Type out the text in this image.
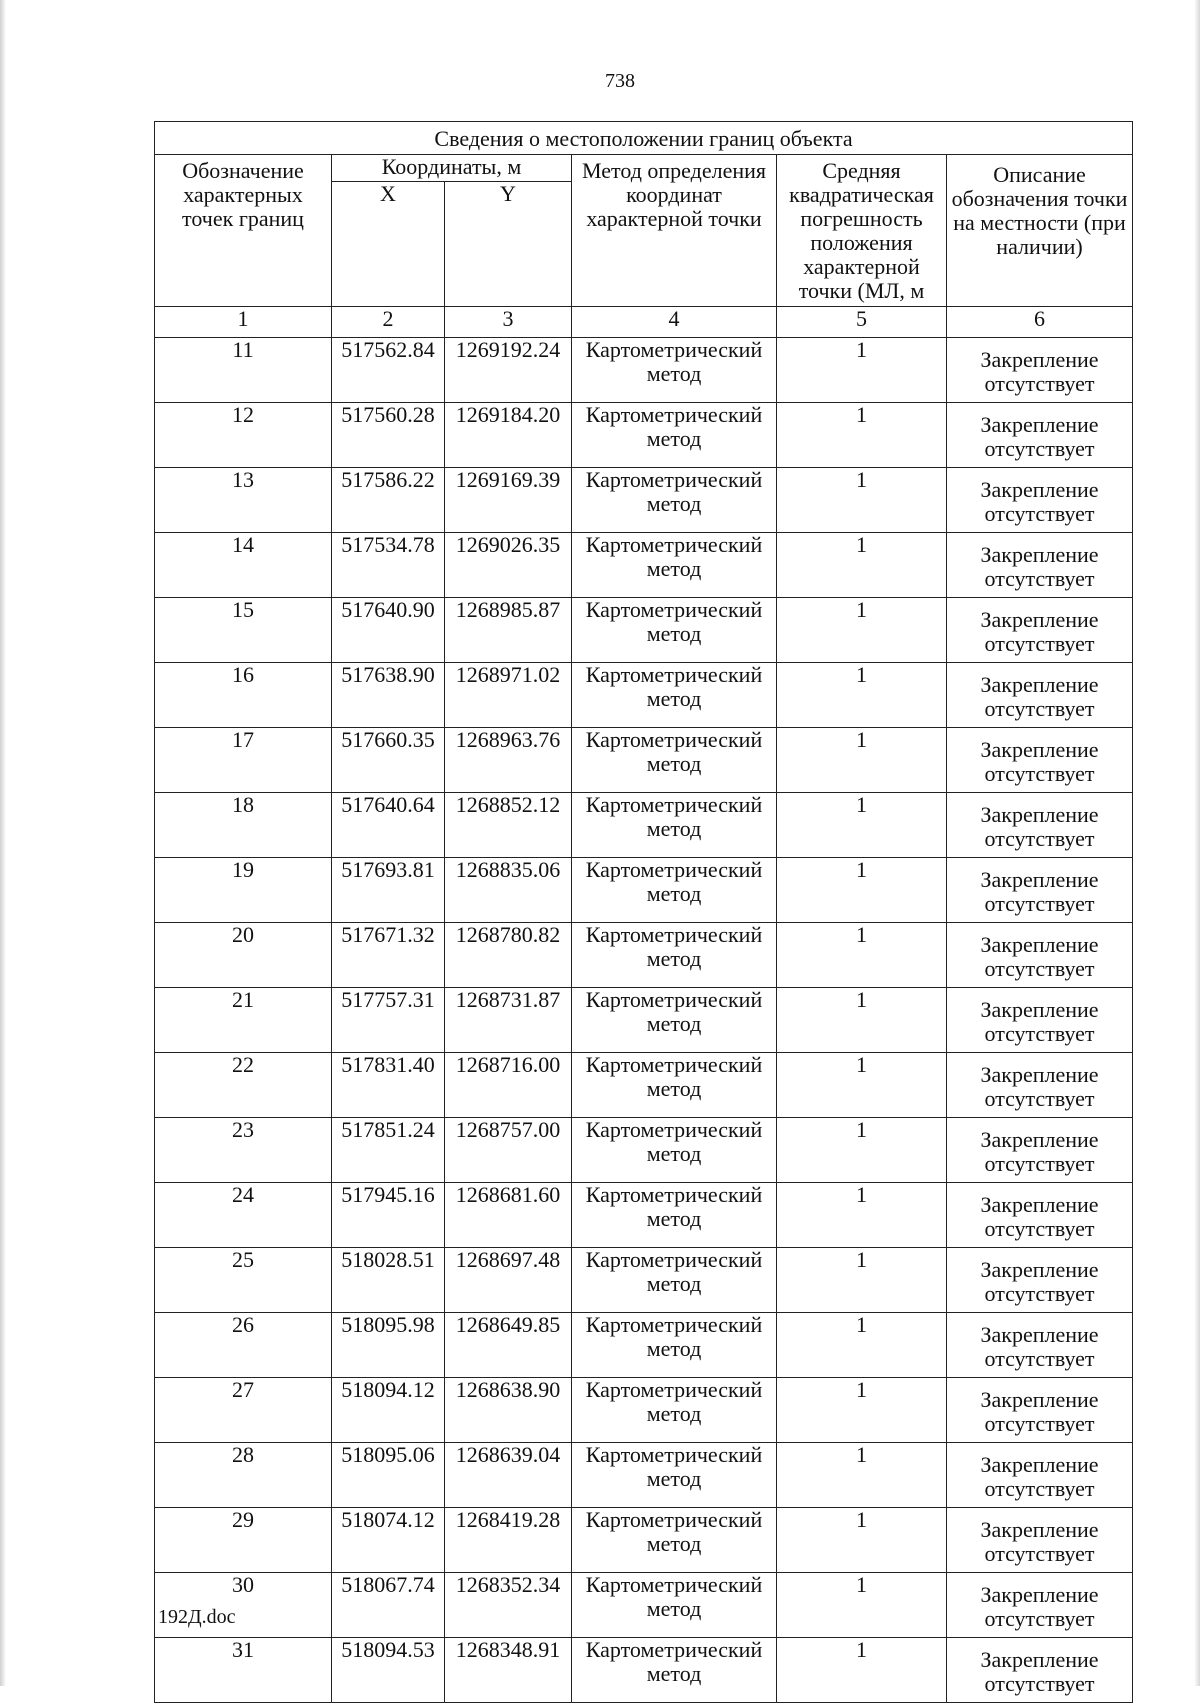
738
Сведения о местоположении границ объекта					
Обозначение характерных точек границ	Координаты, м		Метод определения координат характерной точки	Средняя квадратическая погрешность положения характерной точки (МЛ, м	Описание обозначения точки на местности (при наличии)
	X	Y			
1	2	3	4	5	6
11	517562.84	1269192.24	Картометрический метод	1	Закрепление отсутствует
12	517560.28	1269184.20	Картометрический метод	1	Закрепление отсутствует
13	517586.22	1269169.39	Картометрический метод	1	Закрепление отсутствует
14	517534.78	1269026.35	Картометрический метод	1	Закрепление отсутствует
15	517640.90	1268985.87	Картометрический метод	1	Закрепление отсутствует
16	517638.90	1268971.02	Картометрический метод	1	Закрепление отсутствует
17	517660.35	1268963.76	Картометрический метод	1	Закрепление отсутствует
18	517640.64	1268852.12	Картометрический метод	1	Закрепление отсутствует
19	517693.81	1268835.06	Картометрический метод	1	Закрепление отсутствует
20	517671.32	1268780.82	Картометрический метод	1	Закрепление отсутствует
21	517757.31	1268731.87	Картометрический метод	1	Закрепление отсутствует
22	517831.40	1268716.00	Картометрический метод	1	Закрепление отсутствует
23	517851.24	1268757.00	Картометрический метод	1	Закрепление отсутствует
24	517945.16	1268681.60	Картометрический метод	1	Закрепление отсутствует
25	518028.51	1268697.48	Картометрический метод	1	Закрепление отсутствует
26	518095.98	1268649.85	Картометрический метод	1	Закрепление отсутствует
27	518094.12	1268638.90	Картометрический метод	1	Закрепление отсутствует
28	518095.06	1268639.04	Картометрический метод	1	Закрепление отсутствует
29	518074.12	1268419.28	Картометрический метод	1	Закрепление отсутствует
30	518067.74	1268352.34	Картометрический метод	1	Закрепление отсутствует
31	518094.53	1268348.91	Картометрический метод	1	Закрепление отсутствует
192Д.doc
